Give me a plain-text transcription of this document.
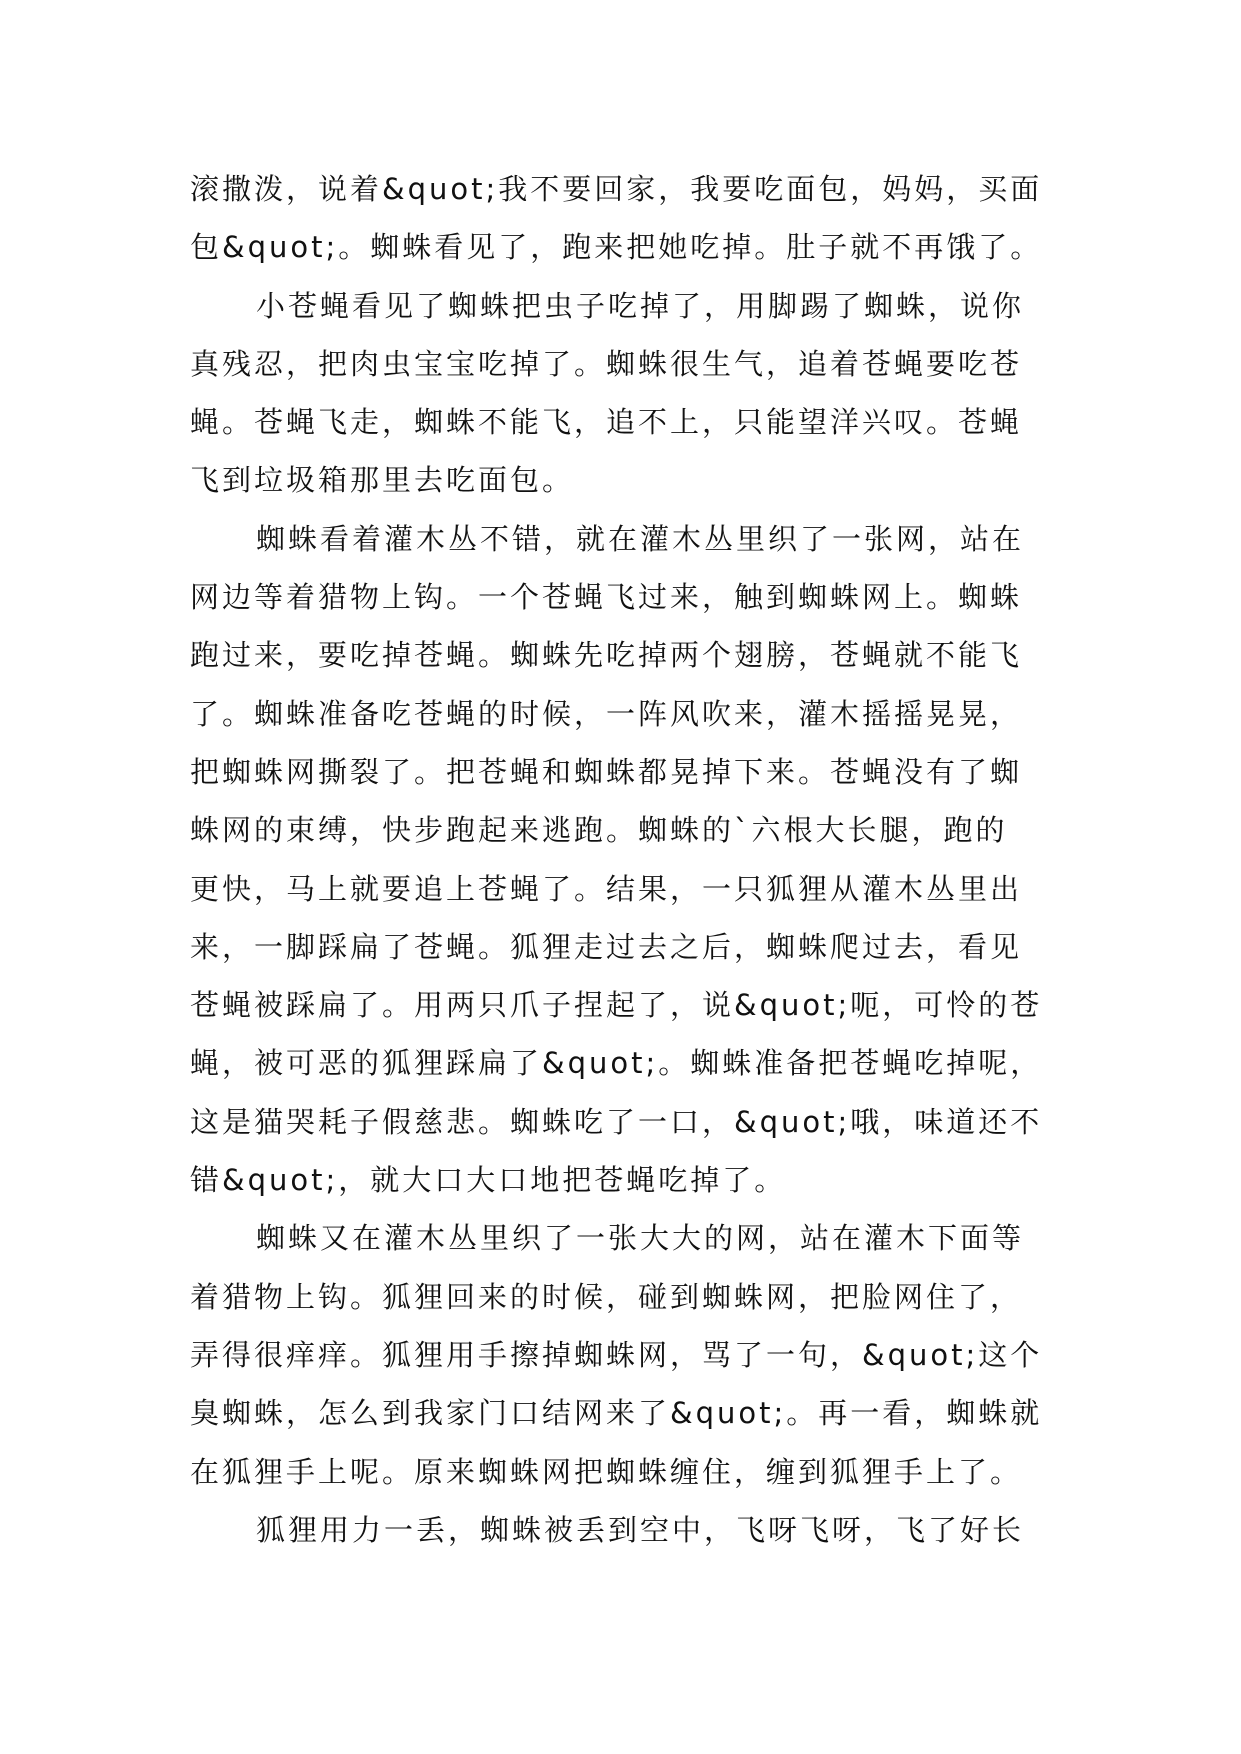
滚撒泼，说着&quot;我不要回家，我要吃面包，妈妈，买面

包&quot;。蜘蛛看见了，跑来把她吃掉。肚子就不再饿了。

小苍蝇看见了蜘蛛把虫子吃掉了，用脚踢了蜘蛛，说你

真残忍，把肉虫宝宝吃掉了。蜘蛛很生气，追着苍蝇要吃苍

蝇。苍蝇飞走，蜘蛛不能飞，追不上，只能望洋兴叹。苍蝇

飞到垃圾箱那里去吃面包。

蜘蛛看着灌木丛不错，就在灌木丛里织了一张网，站在

网边等着猎物上钩。一个苍蝇飞过来，触到蜘蛛网上。蜘蛛

跑过来，要吃掉苍蝇。蜘蛛先吃掉两个翅膀，苍蝇就不能飞

了。蜘蛛准备吃苍蝇的时候，一阵风吹来，灌木摇摇晃晃，

把蜘蛛网撕裂了。把苍蝇和蜘蛛都晃掉下来。苍蝇没有了蜘

蛛网的束缚，快步跑起来逃跑。蜘蛛的`六根大长腿，跑的

更快，马上就要追上苍蝇了。结果，一只狐狸从灌木丛里出

来，一脚踩扁了苍蝇。狐狸走过去之后，蜘蛛爬过去，看见

苍蝇被踩扁了。用两只爪子捏起了，说&quot;呃，可怜的苍

蝇，被可恶的狐狸踩扁了&quot;。蜘蛛准备把苍蝇吃掉呢，

这是猫哭耗子假慈悲。蜘蛛吃了一口，&quot;哦，味道还不

错&quot;，就大口大口地把苍蝇吃掉了。

蜘蛛又在灌木丛里织了一张大大的网，站在灌木下面等

着猎物上钩。狐狸回来的时候，碰到蜘蛛网，把脸网住了，

弄得很痒痒。狐狸用手擦掉蜘蛛网，骂了一句，&quot;这个

臭蜘蛛，怎么到我家门口结网来了&quot;。再一看，蜘蛛就

在狐狸手上呢。原来蜘蛛网把蜘蛛缠住，缠到狐狸手上了。

狐狸用力一丢，蜘蛛被丢到空中，飞呀飞呀，飞了好长
